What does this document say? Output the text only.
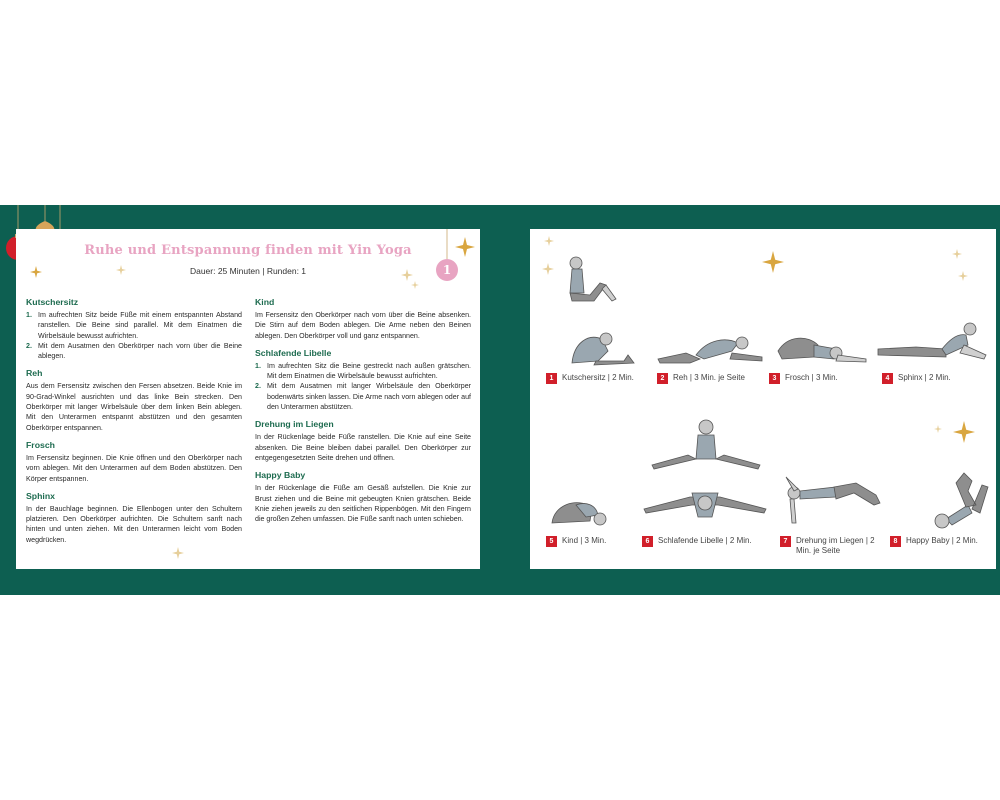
Ruhe und Entspannung finden mit Yin Yoga
Dauer: 25 Minuten | Runden: 1	1
Kutschersitz
1. Im aufrechten Sitz beide Füße mit einem entspannten Abstand ranstellen. Die Beine sind parallel. Mit dem Einatmen die Wirbelsäule bewusst aufrichten.
2. Mit dem Ausatmen den Oberkörper nach vorn über die Beine ablegen.
Reh

Aus dem Fersensitz zwischen den Fersen absetzen. Beide Knie im 90-Grad-Winkel ausrichten und das linke Bein strecken. Den Oberkörper mit langer Wirbelsäule über dem linken Bein ablegen. Mit den Unterarmen entspannt abstützen und den gesamten Oberkörper entspannen.

Frosch

Im Fersensitz beginnen. Die Knie öffnen und den Oberkörper nach vorn ablegen. Mit den Unterarmen auf dem Boden abstützen. Den Körper entspannen.

Sphinx

In der Bauchlage beginnen. Die Ellenbogen unter den Schultern platzieren. Den Oberkörper aufrichten. Die Schultern sanft nach hinten und unten ziehen. Mit den Unterarmen leicht vom Boden wegdrücken.

Kind

Im Fersensitz den Oberkörper nach vorn über die Beine absenken. Die Stirn auf dem Boden ablegen. Die Arme neben den Beinen ablegen. Den Oberkörper voll und ganz entspannen.

Schlafende Libelle
1. Im aufrechten Sitz die Beine gestreckt nach außen grätschen. Mit dem Einatmen die Wirbelsäule bewusst aufrichten.
2. Mit dem Ausatmen mit langer Wirbelsäule den Oberkörper bodenwärts sinken lassen. Die Arme nach vorn ablegen oder auf den Unterarmen abstützen.
Drehung im Liegen

In der Rückenlage beide Füße ranstellen. Die Knie auf eine Seite absenken. Die Beine bleiben dabei parallel. Den Oberkörper zur entgegengesetzten Seite drehen und öffnen.

Happy Baby

In der Rückenlage die Füße am Gesäß aufstellen. Die Knie zur Brust ziehen und die Beine mit gebeugten Knien grätschen. Beide Knie ziehen jeweils zu den seitlichen Rippenbögen. Mit den Fingern die großen Zehen umfassen. Die Füße sanft nach unten schieben.

1	Kutschersitz | 2 Min.	2	Reh | 3 Min. je Seite	3	Frosch | 3 Min.	4	Sphinx | 2 Min.
5	Kind | 3 Min.	6	Schlafende Libelle | 2 Min.	7	Drehung im Liegen | 2 Min. je Seite
8	Happy Baby | 2 Min.
